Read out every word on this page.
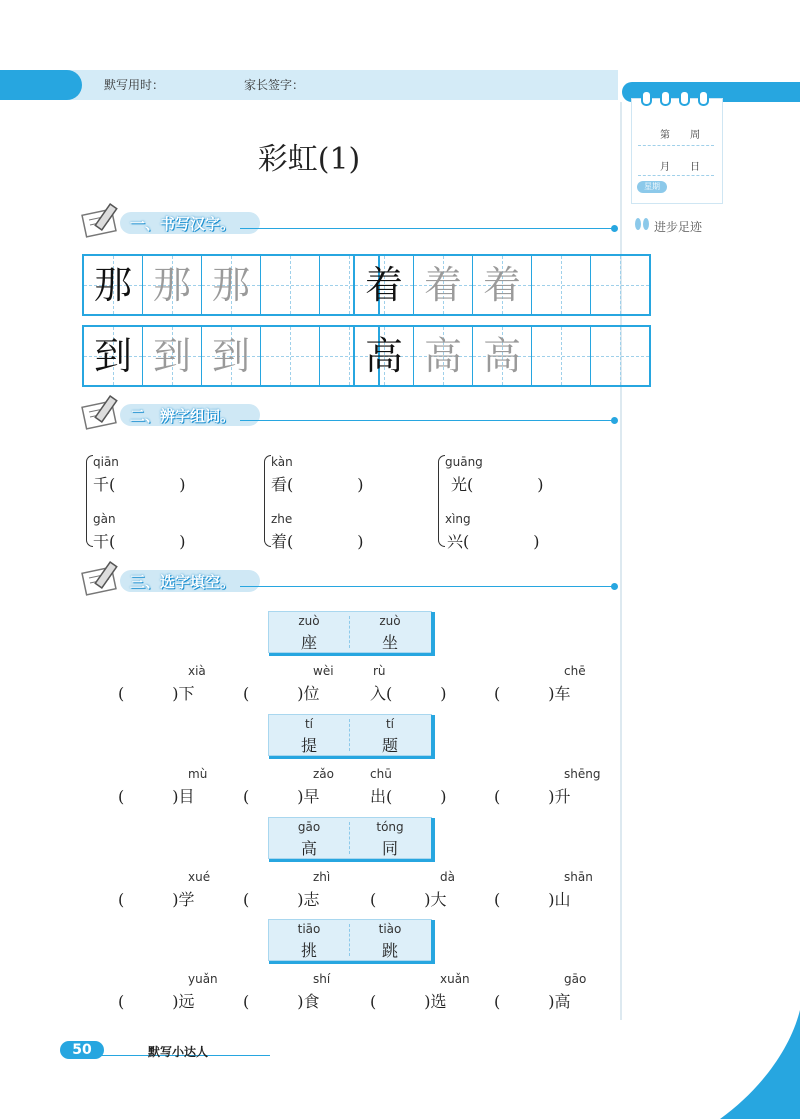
默写用时：	家长签字：
第　　周
月　　日
星期
进步足迹
彩虹(1)
一、书写汉字。
那 那 那	着 着 着
到 到 到	高 高 高
二、辨字组词。
qiān
千(　　　　)
gàn
干(　　　　)
kàn
看(　　　　)
zhe
着(　　　　)
guāng
光(　　　　)
xìng
兴(　　　　)
三、选字填空。
zuò
座
zuò
坐
xià
(　　　)下
wèi
(　　　)位
rù
入(　　　)
chē
(　　　)车
tí
提
tí
题
mù
(　　　)目
zǎo
(　　　)早
chū
出(　　　)
shēng
(　　　)升
gāo
高
tóng
同
xué
(　　　)学
zhì
(　　　)志
dà
(　　　)大
shān
(　　　)山
tiāo
挑
tiào
跳
yuǎn
(　　　)远
shí
(　　　)食
xuǎn
(　　　)选
gāo
(　　　)高
50	默写小达人
